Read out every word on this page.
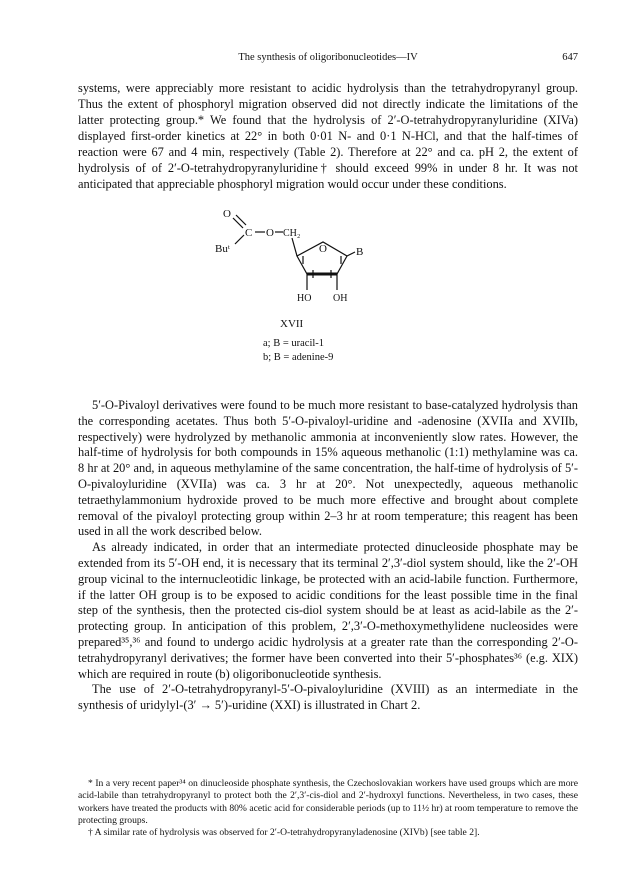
The synthesis of oligoribonucleotides—IV	647
systems, were appreciably more resistant to acidic hydrolysis than the tetrahydropyranyl group. Thus the extent of phosphoryl migration observed did not directly indicate the limitations of the latter protecting group.* We found that the hydrolysis of 2′-O-tetrahydropyranyluridine (XIVa) displayed first-order kinetics at 22° in both 0·01 N- and 0·1 N-HCl, and that the half-times of reaction were 67 and 4 min, respectively (Table 2). Therefore at 22° and ca. pH 2, the extent of hydrolysis of of 2′-O-tetrahydropyranyluridine† should exceed 99% in under 8 hr. It was not anticipated that appreciable phosphoryl migration would occur under these conditions.
O
Buᵗ
C O CH₂
O	B
HO OH
XVII
a; B = uracil-1
b; B = adenine-9

5′-O-Pivaloyl derivatives were found to be much more resistant to base-catalyzed hydrolysis than the corresponding acetates. Thus both 5′-O-pivaloyl-uridine and -adenosine (XVIIa and XVIIb, respectively) were hydrolyzed by methanolic ammonia at inconveniently slow rates. However, the half-time of hydrolysis for both compounds in 15% aqueous methanolic (1:1) methylamine was ca. 8 hr at 20° and, in aqueous methylamine of the same concentration, the half-time of hydrolysis of 5′-O-pivaloyluridine (XVIIa) was ca. 3 hr at 20°. Not unexpectedly, aqueous methanolic tetraethylammonium hydroxide proved to be much more effective and brought about complete removal of the pivaloyl protecting group within 2–3 hr at room temperature; this reagent has been used in all the work described below.

As already indicated, in order that an intermediate protected dinucleoside phosphate may be extended from its 5′-OH end, it is necessary that its terminal 2′,3′-diol system should, like the 2′-OH group vicinal to the internucleotidic linkage, be protected with an acid-labile function. Furthermore, if the latter OH group is to be exposed to acidic conditions for the least possible time in the final step of the synthesis, then the protected cis-diol system should be at least as acid-labile as the 2′-protecting group. In anticipation of this problem, 2′,3′-O-methoxymethylidene nucleosides were prepared³⁵,³⁶ and found to undergo acidic hydrolysis at a greater rate than the corresponding 2′-O-tetrahydropyranyl derivatives; the former have been converted into their 5′-phosphates³⁶ (e.g. XIX) which are required in route (b) oligoribonucleotide synthesis.

The use of 2′-O-tetrahydropyranyl-5′-O-pivaloyluridine (XVIII) as an intermediate in the synthesis of uridylyl-(3′ → 5′)-uridine (XXI) is illustrated in Chart 2.

* In a very recent paper³⁴ on dinucleoside phosphate synthesis, the Czechoslovakian workers have used groups which are more acid-labile than tetrahydropyranyl to protect both the 2′,3′-cis-diol and 2′-hydroxyl functions. Nevertheless, in two cases, these workers have treated the products with 80% acetic acid for considerable periods (up to 11½ hr) at room temperature to remove the protecting groups.

† A similar rate of hydrolysis was observed for 2′-O-tetrahydropyranyladenosine (XIVb) [see table 2].
